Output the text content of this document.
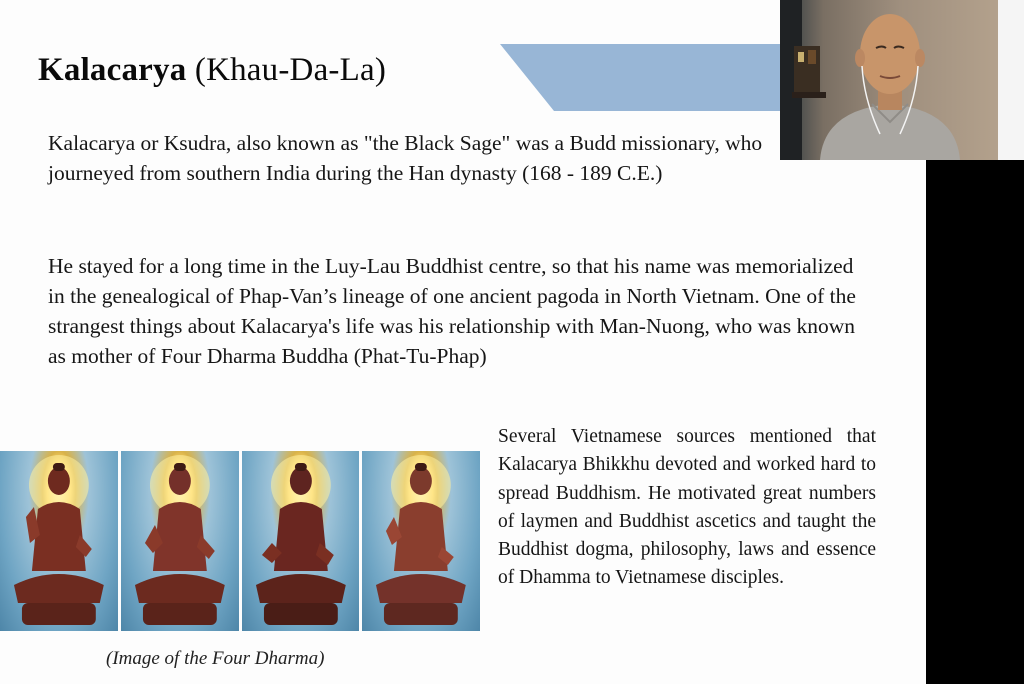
Kalacarya (Khau-Da-La)

Kalacarya or Ksudra, also known as "the Black Sage" was a Budd missionary, who journeyed from southern India during the Han dynasty (168 - 189 C.E.)

He stayed for a long time in the Luy-Lau Buddhist centre, so that his name was memorialized in the genealogical of Phap-Van’s lineage of one ancient pagoda in North Vietnam. One of the strangest things about Kalacarya's life was his relationship with Man-Nuong, who was known as mother of Four Dharma Buddha (Phat-Tu-Phap)

(Image of the Four Dharma)

Several Vietnamese sources mentioned that Kalacarya Bhikkhu devoted and worked hard to spread Buddhism. He motivated great numbers of laymen and Buddhist ascetics and taught the Buddhist dogma, philosophy, laws and essence of Dhamma to Vietnamese disciples.
